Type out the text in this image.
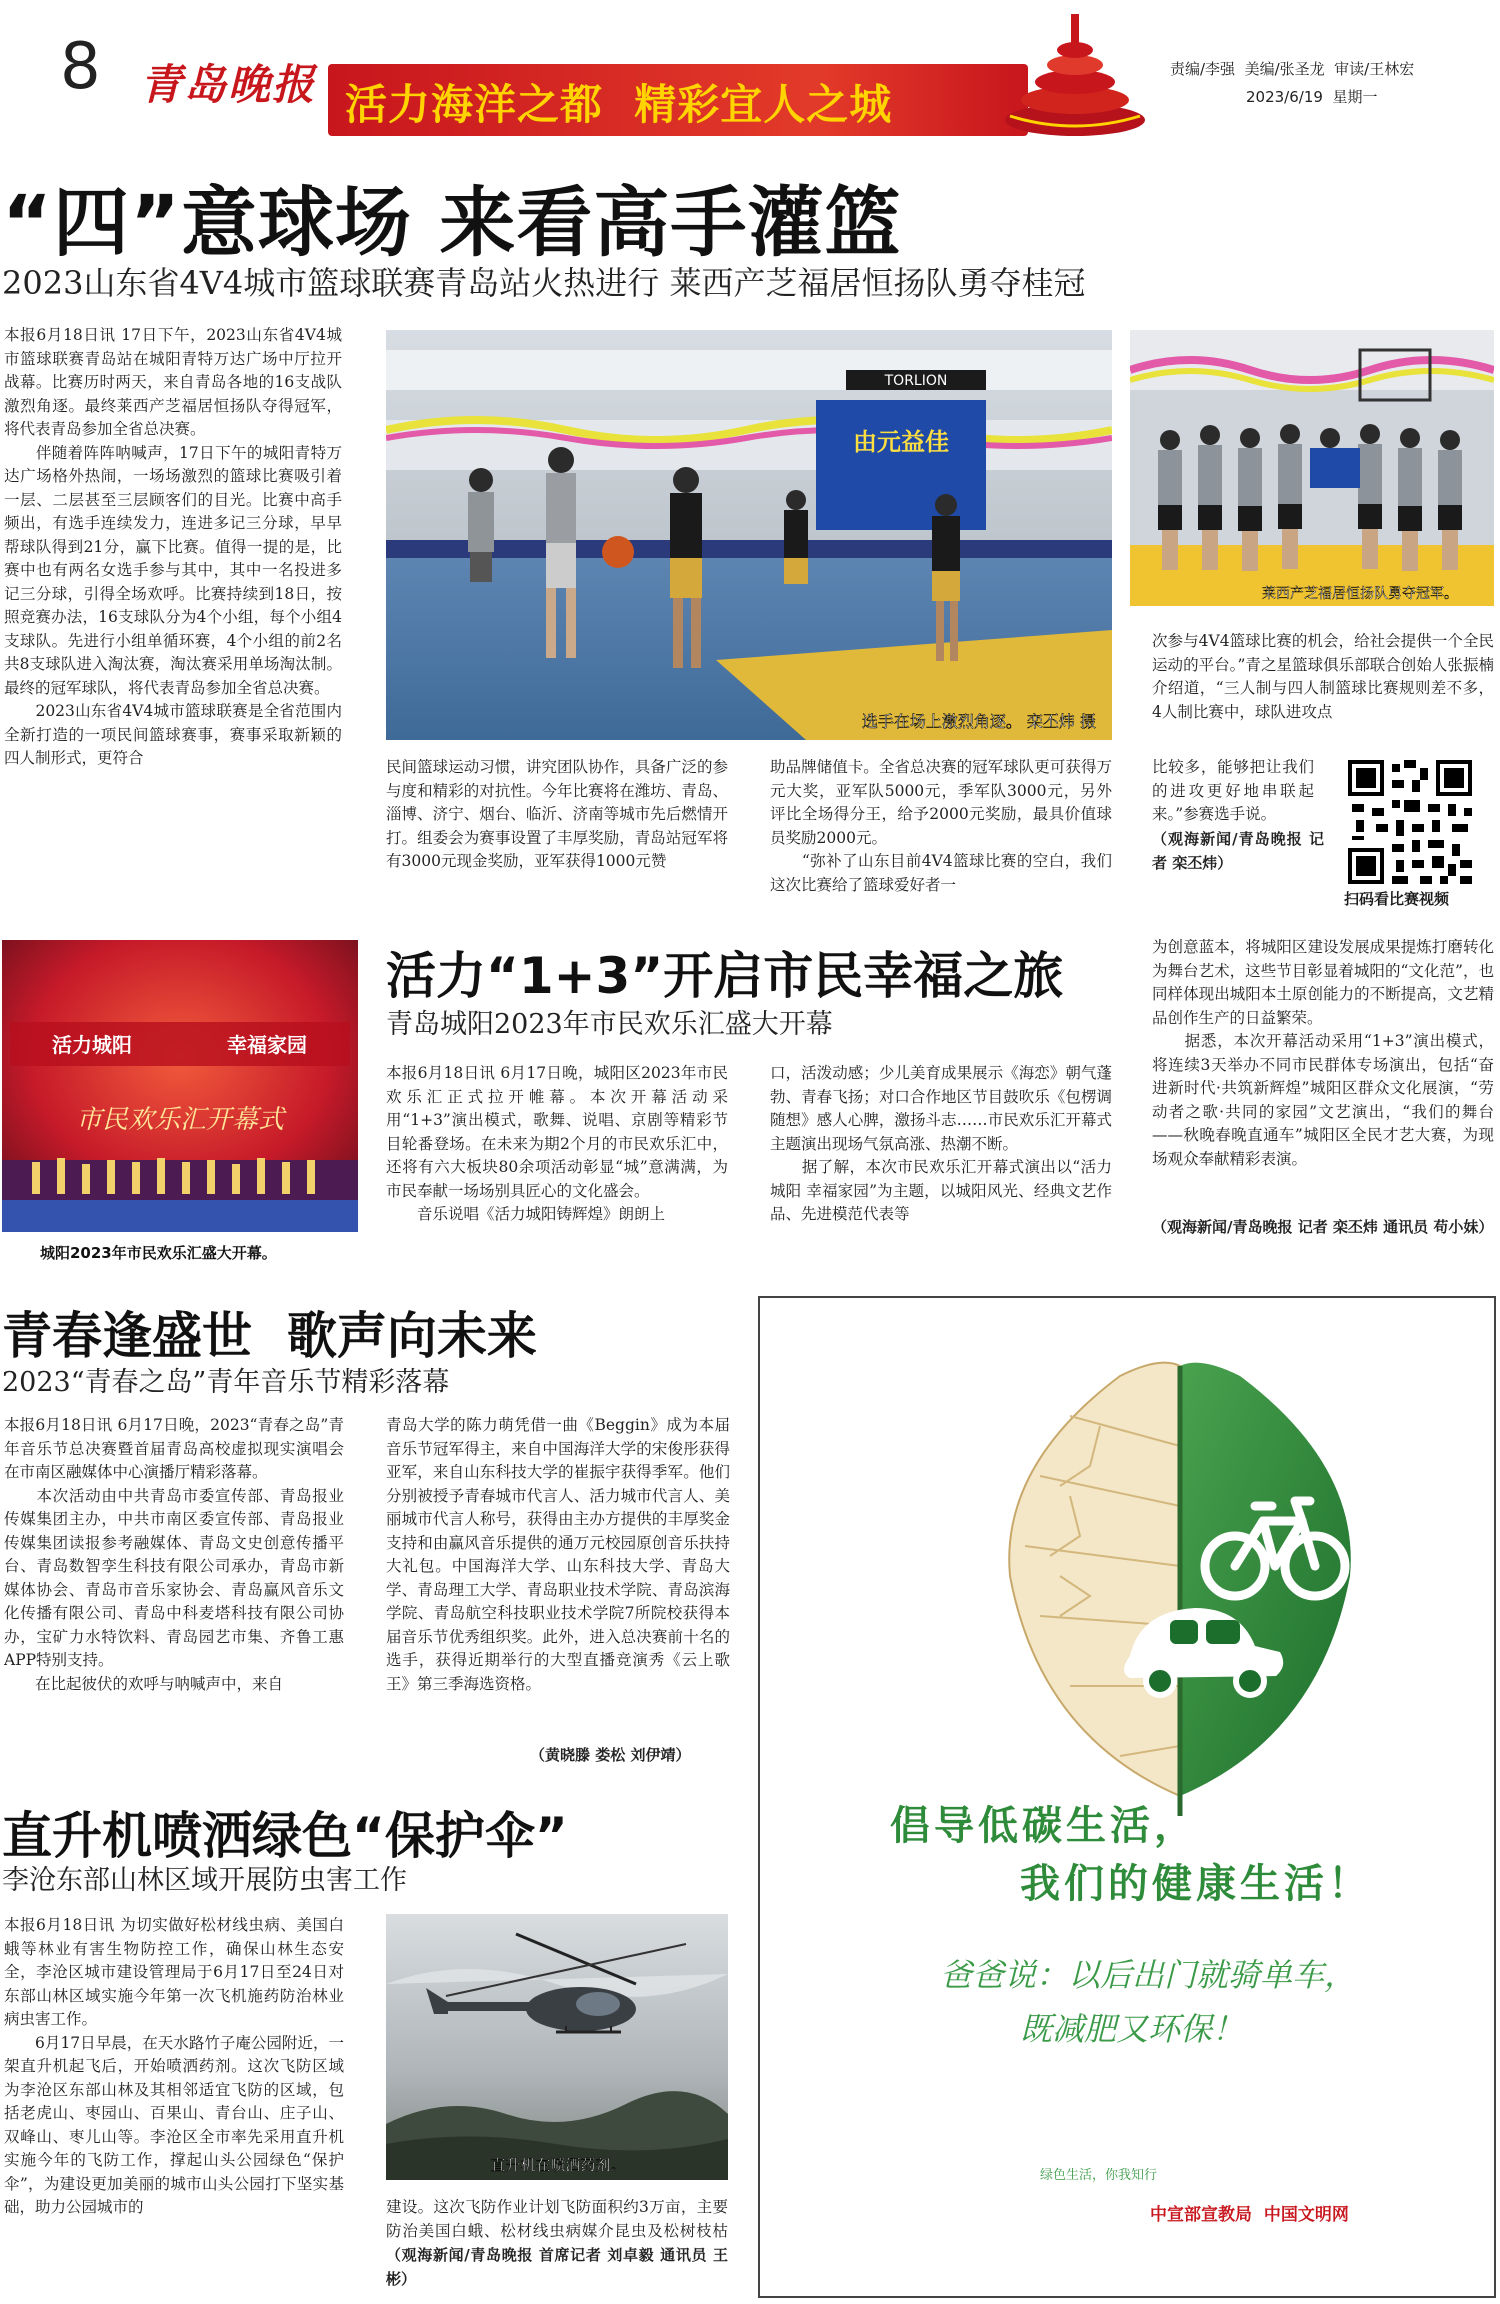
8 青岛晚报 活力海洋之都  精彩宜人之城
责编/李强  美编/张圣龙  审读/王林宏
2023/6/19  星期一
“四”意球场 来看高手灌篮
2023山东省4V4城市篮球联赛青岛站火热进行 莱西产芝福居恒扬队勇夺桂冠
本报6月18日讯 17日下午，2023山东省4V4城市篮球联赛青岛站在城阳青特万达广场中厅拉开战幕。比赛历时两天，来自青岛各地的16支战队激烈角逐。最终莱西产芝福居恒扬队夺得冠军，将代表青岛参加全省总决赛。
　　伴随着阵阵呐喊声，17日下午的城阳青特万达广场格外热闹，一场场激烈的篮球比赛吸引着一层、二层甚至三层顾客们的目光。比赛中高手频出，有选手连续发力，连进多记三分球，早早帮球队得到21分，赢下比赛。值得一提的是，比赛中也有两名女选手参与其中，其中一名投进多记三分球，引得全场欢呼。比赛持续到18日，按照竞赛办法，16支球队分为4个小组，每个小组4支球队。先进行小组单循环赛，4个小组的前2名共8支球队进入淘汰赛，淘汰赛采用单场淘汰制。最终的冠军球队，将代表青岛参加全省总决赛。
　　2023山东省4V4城市篮球联赛是全省范围内全新打造的一项民间篮球赛事，赛事采取新颖的四人制形式，更符合
TORLION
由元益佳
选手在场上激烈角逐。 栾丕炜 摄
莱西产芝福居恒扬队勇夺冠军。
民间篮球运动习惯，讲究团队协作，具备广泛的参与度和精彩的对抗性。今年比赛将在潍坊、青岛、淄博、济宁、烟台、临沂、济南等城市先后燃情开打。组委会为赛事设置了丰厚奖励，青岛站冠军将有3000元现金奖励，亚军获得1000元赞
助品牌储值卡。全省总决赛的冠军球队更可获得万元大奖，亚军队5000元，季军队3000元，另外评比全场得分王，给予2000元奖励，最具价值球员奖励2000元。
　　“弥补了山东目前4V4篮球比赛的空白，我们这次比赛给了篮球爱好者一
次参与4V4篮球比赛的机会，给社会提供一个全民运动的平台。”青之星篮球俱乐部联合创始人张振楠介绍道，“三人制与四人制篮球比赛规则差不多，4人制比赛中，球队进攻点
比较多，能够把让我们的进攻更好地串联起来。”参赛选手说。
（观海新闻/青岛晚报 记者 栾丕炜）
扫码看比赛视频
活力城阳	幸福家园
市民欢乐汇开幕式
城阳2023年市民欢乐汇盛大开幕。
活力“1+3”开启市民幸福之旅
青岛城阳2023年市民欢乐汇盛大开幕
本报6月18日讯 6月17日晚，城阳区2023年市民欢乐汇正式拉开帷幕。本次开幕活动采用“1+3”演出模式，歌舞、说唱、京剧等精彩节目轮番登场。在未来为期2个月的市民欢乐汇中，还将有六大板块80余项活动彰显“城”意满满，为市民奉献一场场别具匠心的文化盛会。
　　音乐说唱《活力城阳铸辉煌》朗朗上
口，活泼动感；少儿美育成果展示《海恋》朝气蓬勃、青春飞扬；对口合作地区节目鼓吹乐《包楞调随想》感人心脾，激扬斗志……市民欢乐汇开幕式主题演出现场气氛高涨、热潮不断。
　　据了解，本次市民欢乐汇开幕式演出以“活力城阳 幸福家园”为主题，以城阳风光、经典文艺作品、先进模范代表等
为创意蓝本，将城阳区建设发展成果提炼打磨转化为舞台艺术，这些节目彰显着城阳的“文化范”，也同样体现出城阳本土原创能力的不断提高，文艺精品创作生产的日益繁荣。
　　据悉，本次开幕活动采用“1+3”演出模式，将连续3天举办不同市民群体专场演出，包括“奋进新时代·共筑新辉煌”城阳区群众文化展演，“劳动者之歌·共同的家园”文艺演出，“我们的舞台——秋晚春晚直通车”城阳区全民才艺大赛，为现场观众奉献精彩表演。
（观海新闻/青岛晚报 记者 栾丕炜 通讯员 苟小妹）
青春逢盛世  歌声向未来
2023“青春之岛”青年音乐节精彩落幕
本报6月18日讯 6月17日晚，2023“青春之岛”青年音乐节总决赛暨首届青岛高校虚拟现实演唱会在市南区融媒体中心演播厅精彩落幕。
　　本次活动由中共青岛市委宣传部、青岛报业传媒集团主办，中共市南区委宣传部、青岛报业传媒集团读报参考融媒体、青岛文史创意传播平台、青岛数智孪生科技有限公司承办，青岛市新媒体协会、青岛市音乐家协会、青岛赢风音乐文化传播有限公司、青岛中科麦塔科技有限公司协办，宝矿力水特饮料、青岛园艺市集、齐鲁工惠 APP特别支持。
　　在比起彼伏的欢呼与呐喊声中，来自
青岛大学的陈力萌凭借一曲《Beggin》成为本届音乐节冠军得主，来自中国海洋大学的宋俊彤获得亚军，来自山东科技大学的崔振宇获得季军。他们分别被授予青春城市代言人、活力城市代言人、美丽城市代言人称号，获得由主办方提供的丰厚奖金支持和由赢风音乐提供的通万元校园原创音乐扶持大礼包。中国海洋大学、山东科技大学、青岛大学、青岛理工大学、青岛职业技术学院、青岛滨海学院、青岛航空科技职业技术学院7所院校获得本届音乐节优秀组织奖。此外，进入总决赛前十名的选手，获得近期举行的大型直播竞演秀《云上歌王》第三季海选资格。
（黄晓滕 娄松 刘伊靖）
直升机喷洒绿色“保护伞”
李沧东部山林区域开展防虫害工作
本报6月18日讯 为切实做好松材线虫病、美国白蛾等林业有害生物防控工作，确保山林生态安全，李沧区城市建设管理局于6月17日至24日对东部山林区域实施今年第一次飞机施药防治林业病虫害工作。
　　6月17日早晨，在天水路竹子庵公园附近，一架直升机起飞后，开始喷洒药剂。这次飞防区域为李沧区东部山林及其相邻适宜飞防的区域，包括老虎山、枣园山、百果山、青台山、庄子山、双峰山、枣儿山等。李沧区全市率先采用直升机实施今年的飞防工作，撑起山头公园绿色“保护伞”，为建设更加美丽的城市山头公园打下坚实基础，助力公园城市的
直升机在喷洒药剂。
建设。这次飞防作业计划飞防面积约3万亩，主要防治美国白蛾、松材线虫病媒介昆虫及松树枝枯
（观海新闻/青岛晚报 首席记者 刘卓毅 通讯员 王彬）
倡导低碳生活，
我们的健康生活！
爸爸说：以后出门就骑单车，
既减肥又环保！
绿色生活，你我知行
中宣部宣教局  中国文明网
